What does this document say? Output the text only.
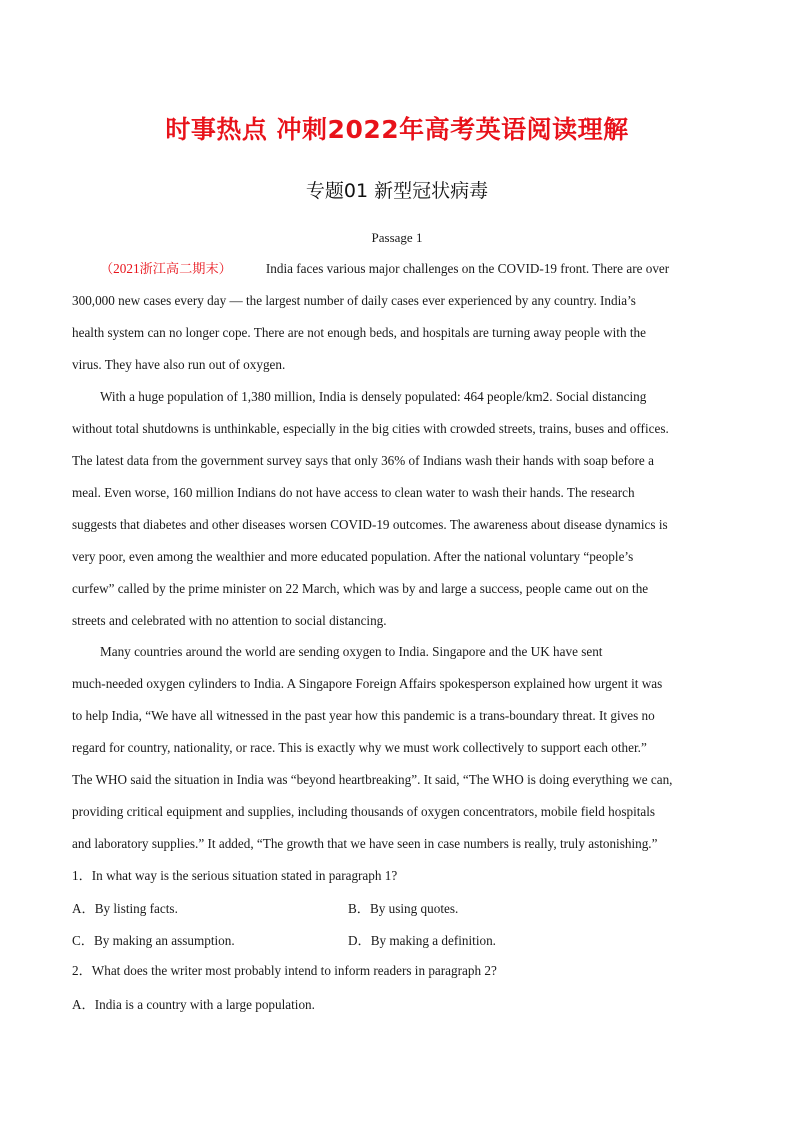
时事热点 冲刺2022年高考英语阅读理解
专题01 新型冠状病毒
Passage 1
（2021浙江高二期末）	India faces various major challenges on the COVID-19 front. There are over
300,000 new cases every day — the largest number of daily cases ever experienced by any country. India’s
health system can no longer cope. There are not enough beds, and hospitals are turning away people with the
virus. They have also run out of oxygen.
With a huge population of 1,380 million, India is densely populated: 464 people/km2. Social distancing
without total shutdowns is unthinkable, especially in the big cities with crowded streets, trains, buses and offices.
The latest data from the government survey says that only 36% of Indians wash their hands with soap before a
meal. Even worse, 160 million Indians do not have access to clean water to wash their hands. The research
suggests that diabetes and other diseases worsen COVID-19 outcomes. The awareness about disease dynamics is
very poor, even among the wealthier and more educated population. After the national voluntary “people’s
curfew” called by the prime minister on 22 March, which was by and large a success, people came out on the
streets and celebrated with no attention to social distancing.
Many countries around the world are sending oxygen to India. Singapore and the UK have sent
much-needed oxygen cylinders to India. A Singapore Foreign Affairs spokesperson explained how urgent it was
to help India, “We have all witnessed in the past year how this pandemic is a trans-boundary threat. It gives no
regard for country, nationality, or race. This is exactly why we must work collectively to support each other.”
The WHO said the situation in India was “beyond heartbreaking”. It said, “The WHO is doing everything we can,
providing critical equipment and supplies, including thousands of oxygen concentrators, mobile field hospitals
and laboratory supplies.” It added, “The growth that we have seen in case numbers is really, truly astonishing.”
1．In what way is the serious situation stated in paragraph 1?
A．By listing facts.	B．By using quotes.
C．By making an assumption.	D．By making a definition.
2．What does the writer most probably intend to inform readers in paragraph 2?
A．India is a country with a large population.
